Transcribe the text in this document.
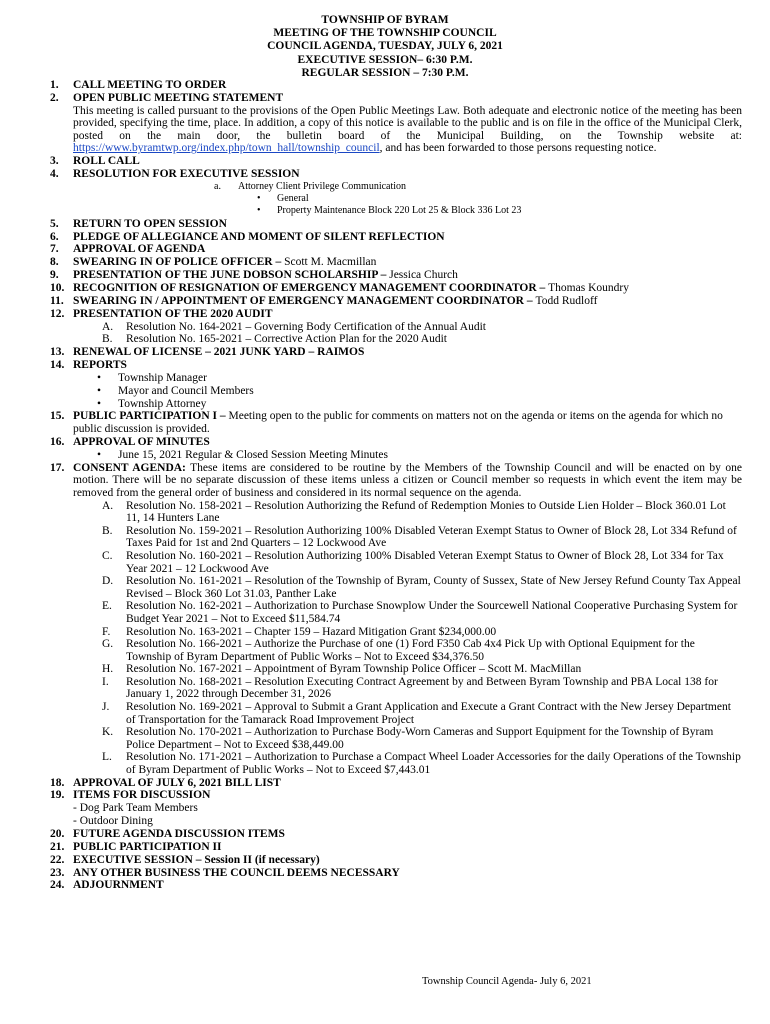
TOWNSHIP OF BYRAM
MEETING OF THE TOWNSHIP COUNCIL
COUNCIL AGENDA, TUESDAY, JULY 6, 2021
EXECUTIVE SESSION– 6:30 P.M.
REGULAR SESSION – 7:30 P.M.
1. CALL MEETING TO ORDER
2. OPEN PUBLIC MEETING STATEMENT
This meeting is called pursuant to the provisions of the Open Public Meetings Law. Both adequate and electronic notice of the meeting has been provided, specifying the time, place. In addition, a copy of this notice is available to the public and is on file in the office of the Municipal Clerk, posted on the main door, the bulletin board of the Municipal Building, on the Township website at: https://www.byramtwp.org/index.php/town_hall/township_council, and has been forwarded to those persons requesting notice.
3. ROLL CALL
4. RESOLUTION FOR EXECUTIVE SESSION
a.	Attorney Client Privilege Communication
• General
• Property Maintenance Block 220 Lot 25 & Block 336 Lot 23
5. RETURN TO OPEN SESSION
6. PLEDGE OF ALLEGIANCE AND MOMENT OF SILENT REFLECTION
7. APPROVAL OF AGENDA
8. SWEARING IN OF POLICE OFFICER – Scott M. Macmillan
9. PRESENTATION OF THE JUNE DOBSON SCHOLARSHIP – Jessica Church
10. RECOGNITION OF RESIGNATION OF EMERGENCY MANAGEMENT COORDINATOR – Thomas Koundry
11. SWEARING IN / APPOINTMENT OF EMERGENCY MANAGEMENT COORDINATOR – Todd Rudloff
12. PRESENTATION OF THE 2020 AUDIT
A. Resolution No. 164-2021 – Governing Body Certification of the Annual Audit
B. Resolution No. 165-2021 – Corrective Action Plan for the 2020 Audit
13. RENEWAL OF LICENSE – 2021 JUNK YARD – RAIMOS
14. REPORTS
• Township Manager
• Mayor and Council Members
• Township Attorney
15. PUBLIC PARTICIPATION I – Meeting open to the public for comments on matters not on the agenda or items on the agenda for which no public discussion is provided.
16. APPROVAL OF MINUTES
• June 15, 2021 Regular & Closed Session Meeting Minutes
17. CONSENT AGENDA: These items are considered to be routine by the Members of the Township Council and will be enacted on by one motion. There will be no separate discussion of these items unless a citizen or Council member so requests in which event the item may be removed from the general order of business and considered in its normal sequence on the agenda.
A. Resolution No. 158-2021 – Resolution Authorizing the Refund of Redemption Monies to Outside Lien Holder – Block 360.01 Lot 11, 14 Hunters Lane
B. Resolution No. 159-2021 – Resolution Authorizing 100% Disabled Veteran Exempt Status to Owner of Block 28, Lot 334 Refund of Taxes Paid for 1st and 2nd Quarters – 12 Lockwood Ave
C. Resolution No. 160-2021 – Resolution Authorizing 100% Disabled Veteran Exempt Status to Owner of Block 28, Lot 334 for Tax Year 2021 – 12 Lockwood Ave
D. Resolution No. 161-2021 – Resolution of the Township of Byram, County of Sussex, State of New Jersey Refund County Tax Appeal Revised – Block 360 Lot 31.03, Panther Lake
E. Resolution No. 162-2021 – Authorization to Purchase Snowplow Under the Sourcewell National Cooperative Purchasing System for Budget Year 2021 – Not to Exceed $11,584.74
F. Resolution No. 163-2021 – Chapter 159 – Hazard Mitigation Grant $234,000.00
G. Resolution No. 166-2021 – Authorize the Purchase of one (1) Ford F350 Cab 4x4 Pick Up with Optional Equipment for the Township of Byram Department of Public Works – Not to Exceed $34,376.50
H. Resolution No. 167-2021 – Appointment of Byram Township Police Officer – Scott M. MacMillan
I. Resolution No. 168-2021 – Resolution Executing Contract Agreement by and Between Byram Township and PBA Local 138 for January 1, 2022 through December 31, 2026
J. Resolution No. 169-2021 – Approval to Submit a Grant Application and Execute a Grant Contract with the New Jersey Department of Transportation for the Tamarack Road Improvement Project
K. Resolution No. 170-2021 – Authorization to Purchase Body-Worn Cameras and Support Equipment for the Township of Byram Police Department – Not to Exceed $38,449.00
L. Resolution No. 171-2021 – Authorization to Purchase a Compact Wheel Loader Accessories for the daily Operations of the Township of Byram Department of Public Works – Not to Exceed $7,443.01
18. APPROVAL OF JULY 6, 2021 BILL LIST
19. ITEMS FOR DISCUSSION
- Dog Park Team Members
- Outdoor Dining
20. FUTURE AGENDA DISCUSSION ITEMS
21. PUBLIC PARTICIPATION II
22. EXECUTIVE SESSION – Session II (if necessary)
23. ANY OTHER BUSINESS THE COUNCIL DEEMS NECESSARY
24. ADJOURNMENT
Township Council Agenda- July 6, 2021
